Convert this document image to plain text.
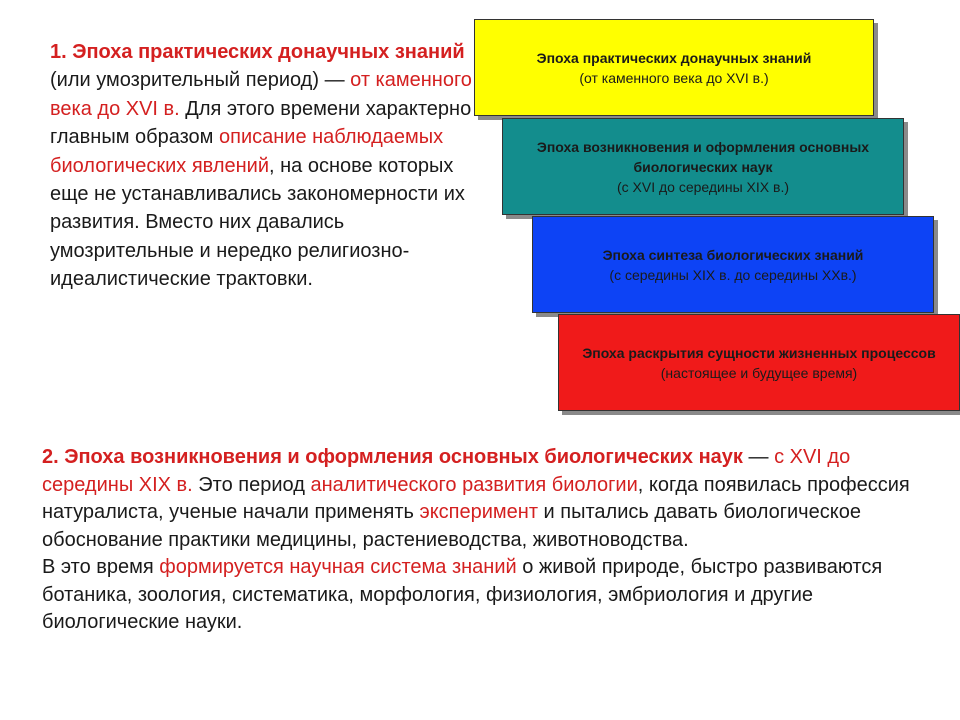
1. Эпоха практических донаучных знаний (или умозрительный период) — от каменного века до XVI в. Для этого времени характерно главным образом описание наблюдаемых биологических явлений, на основе которых еще не устанавливались закономерности их развития. Вместо них давались умозрительные и нередко религиозно-идеалистические трактовки.
Эпоха практических донаучных знаний
(от каменного века до XVI в.)
Эпоха возникновения и оформления основных биологических наук
(с XVI до середины XIX в.)
Эпоха синтеза биологических знаний
(с середины XIX в. до середины XXв.)
Эпоха раскрытия сущности жизненных процессов
(настоящее и будущее время)

2. Эпоха возникновения и оформления основных биологических наук — с XVI до середины XIX в. Это период аналитического развития биологии, когда появилась профессия натуралиста, ученые начали применять эксперимент и пытались давать биологическое обоснование практики медицины, растениеводства, животноводства.

В это время формируется научная система знаний о живой природе, быстро развиваются ботаника, зоология, систематика, морфология, физиология, эмбриология и другие биологические науки.
